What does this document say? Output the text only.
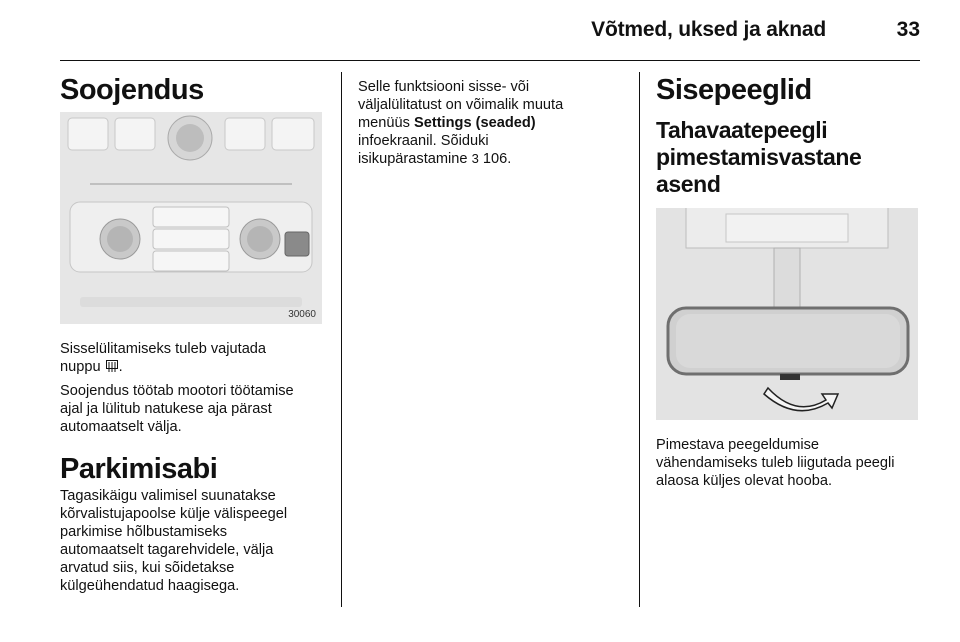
Võtmed, uksed ja aknad	33
Soojendus
30060

Sisselülitamiseks tuleb vajutada

nuppu .

Soojendus töötab mootori töötamise

ajal ja lülitub natukese aja pärast

automaatselt välja.

Parkimisabi

Tagasikäigu valimisel suunatakse

kõrvalistujapoolse külje välispeegel

parkimise hõlbustamiseks

automaatselt tagarehvidele, välja

arvatud siis, kui sõidetakse

külgeühendatud haagisega.

Selle funktsiooni sisse- või

väljalülitatust on võimalik muuta

menüüs Settings (seaded)

infoekraanil. Sõiduki

isikupärastamine 3 106.

Sisepeeglid
Tahavaatepeegli
pimestamisvastane asend

Pimestava peegeldumise

vähendamiseks tuleb liigutada peegli

alaosa küljes olevat hooba.
